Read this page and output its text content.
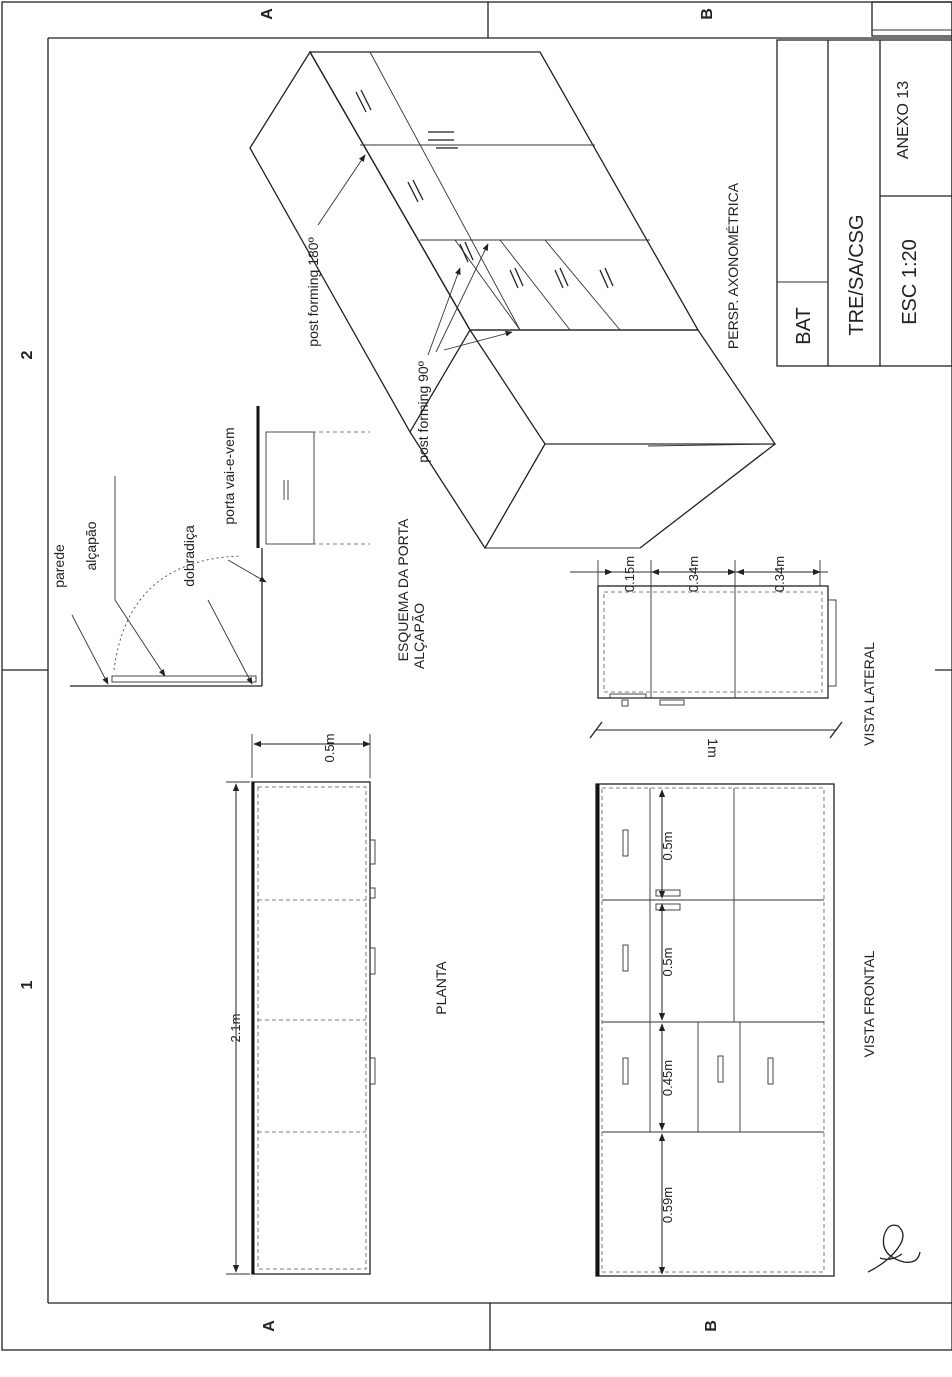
A	B
A	B
2
1
ANEXO 13
BAT TRE/SA/CSG ESC 1:20
post forming 180º
post forming 90º
PERSP. AXONOMÉTRICA
parede alçapão	dobradiça
porta vai-e-vem
ESQUEMA DA PORTA ALÇAPÃO
0.5m
2.1m
PLANTA
0.15m	0.34m	0.34m
1m
VISTA LATERAL
0.5m
0.5m
0.45m
0.59m
VISTA FRONTAL
